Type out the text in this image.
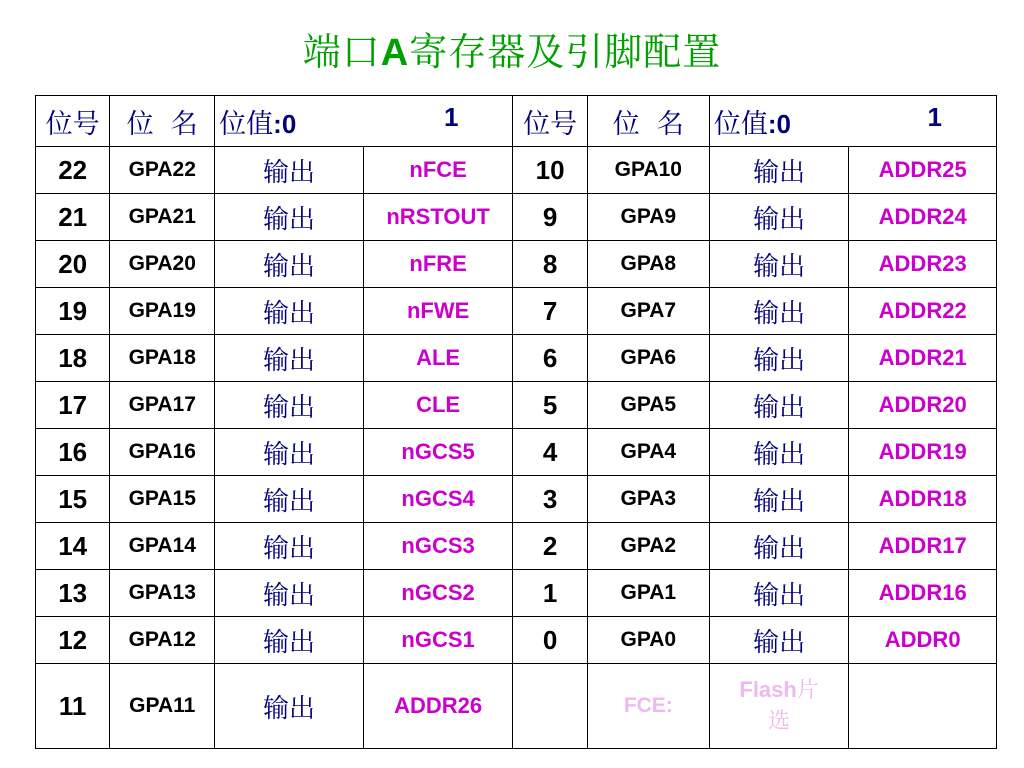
端口A寄存器及引脚配置
位号	位  名	位值:0 1		位号	位  名	位值:0 1	

22	GPA22	输出	nFCE	10	GPA10	输出	ADDR25
21	GPA21	输出	nRSTOUT	9	GPA9	输出	ADDR24
20	GPA20	输出	nFRE	8	GPA8	输出	ADDR23
19	GPA19	输出	nFWE	7	GPA7	输出	ADDR22
18	GPA18	输出	ALE	6	GPA6	输出	ADDR21
17	GPA17	输出	CLE	5	GPA5	输出	ADDR20
16	GPA16	输出	nGCS5	4	GPA4	输出	ADDR19
15	GPA15	输出	nGCS4	3	GPA3	输出	ADDR18
14	GPA14	输出	nGCS3	2	GPA2	输出	ADDR17
13	GPA13	输出	nGCS2	1	GPA1	输出	ADDR16
12	GPA12	输出	nGCS1	0	GPA0	输出	ADDR0
11	GPA11	输出	ADDR26		FCE:	Flash片
选	
